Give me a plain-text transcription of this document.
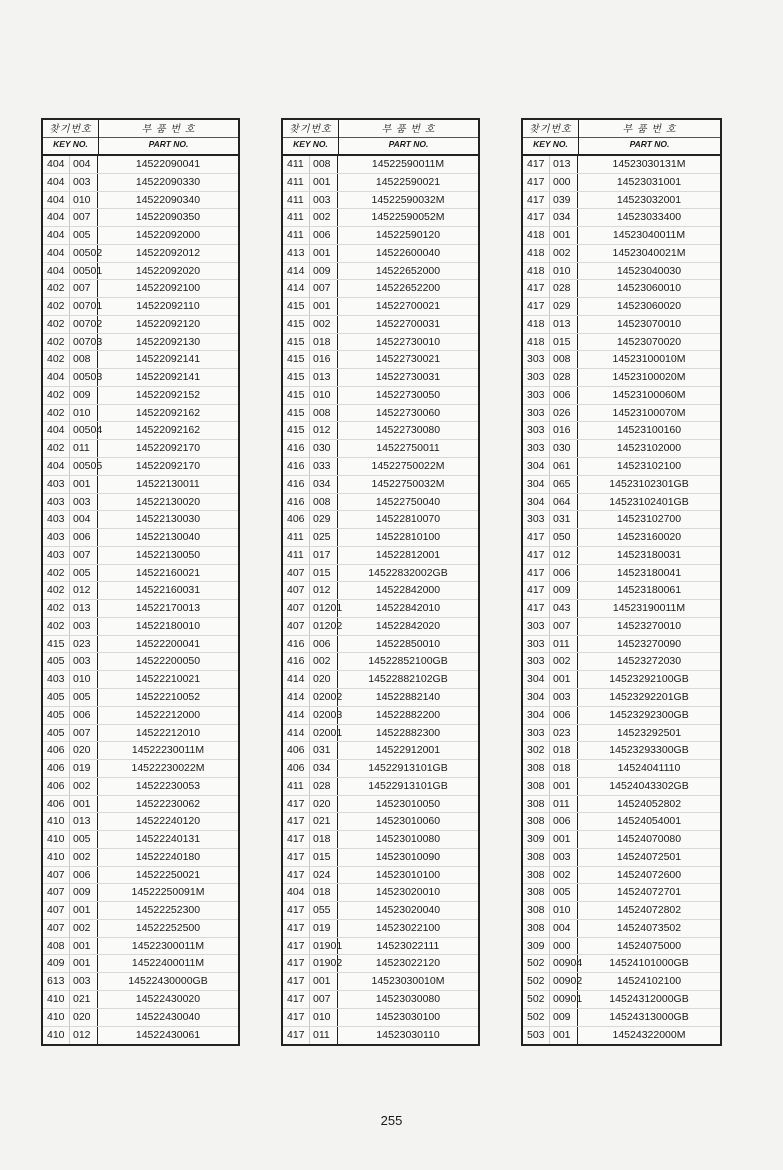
찾기번호
KEY NO.
부 품 번 호
PART NO.
404 004	14522090041
404 003	14522090330
404 010	14522090340
404 007	14522090350
404 005	14522092000
404 00502	14522092012
404 00501	14522092020
402 007	14522092100
402 00701	14522092110
402 00702	14522092120
402 00703	14522092130
402 008	14522092141
404 00503	14522092141
402 009	14522092152
402 010	14522092162
404 00504	14522092162
402 011	14522092170
404 00505	14522092170
403 001	14522130011
403 003	14522130020
403 004	14522130030
403 006	14522130040
403 007	14522130050
402 005	14522160021
402 012	14522160031
402 013	14522170013
402 003	14522180010
415 023	14522200041
405 003	14522200050
403 010	14522210021
405 005	14522210052
405 006	14522212000
405 007	14522212010
406 020	14522230011M
406 019	14522230022M
406 002	14522230053
406 001	14522230062
410 013	14522240120
410 005	14522240131
410 002	14522240180
407 006	14522250021
407 009	14522250091M
407 001	14522252300
407 002	14522252500
408 001	14522300011M
409 001	14522400011M
613 003	14522430000GB
410 021	14522430020
410 020	14522430040
410 012	14522430061
찾기번호
KEY NO.
부 품 번 호
PART NO.
411 008	14522590011M
411 001	14522590021
411 003	14522590032M
411 002	14522590052M
411 006	14522590120
413 001	14522600040
414 009	14522652000
414 007	14522652200
415 001	14522700021
415 002	14522700031
415 018	14522730010
415 016	14522730021
415 013	14522730031
415 010	14522730050
415 008	14522730060
415 012	14522730080
416 030	14522750011
416 033	14522750022M
416 034	14522750032M
416 008	14522750040
406 029	14522810070
411 025	14522810100
411 017	14522812001
407 015	14522832002GB
407 012	14522842000
407 01201	14522842010
407 01202	14522842020
416 006	14522850010
416 002	14522852100GB
414 020	14522882102GB
414 02002	14522882140
414 02003	14522882200
414 02001	14522882300
406 031	14522912001
406 034	14522913101GB
411 028	14522913101GB
417 020	14523010050
417 021	14523010060
417 018	14523010080
417 015	14523010090
417 024	14523010100
404 018	14523020010
417 055	14523020040
417 019	14523022100
417 01901	14523022111
417 01902	14523022120
417 001	14523030010M
417 007	14523030080
417 010	14523030100
417 011	14523030110
찾기번호
KEY NO.
부 품 번 호
PART NO.
417 013	14523030131M
417 000	14523031001
417 039	14523032001
417 034	14523033400
418 001	14523040011M
418 002	14523040021M
418 010	14523040030
417 028	14523060010
417 029	14523060020
418 013	14523070010
418 015	14523070020
303 008	14523100010M
303 028	14523100020M
303 006	14523100060M
303 026	14523100070M
303 016	14523100160
303 030	14523102000
304 061	14523102100
304 065	14523102301GB
304 064	14523102401GB
303 031	14523102700
417 050	14523160020
417 012	14523180031
417 006	14523180041
417 009	14523180061
417 043	14523190011M
303 007	14523270010
303 011	14523270090
303 002	14523272030
304 001	14523292100GB
304 003	14523292201GB
304 006	14523292300GB
303 023	14523292501
302 018	14523293300GB
308 018	14524041110
308 001	14524043302GB
308 011	14524052802
308 006	14524054001
309 001	14524070080
308 003	14524072501
308 002	14524072600
308 005	14524072701
308 010	14524072802
308 004	14524073502
309 000	14524075000
502 00904	14524101000GB
502 00902	14524102100
502 00901	14524312000GB
502 009	14524313000GB
503 001	14524322000M
255
